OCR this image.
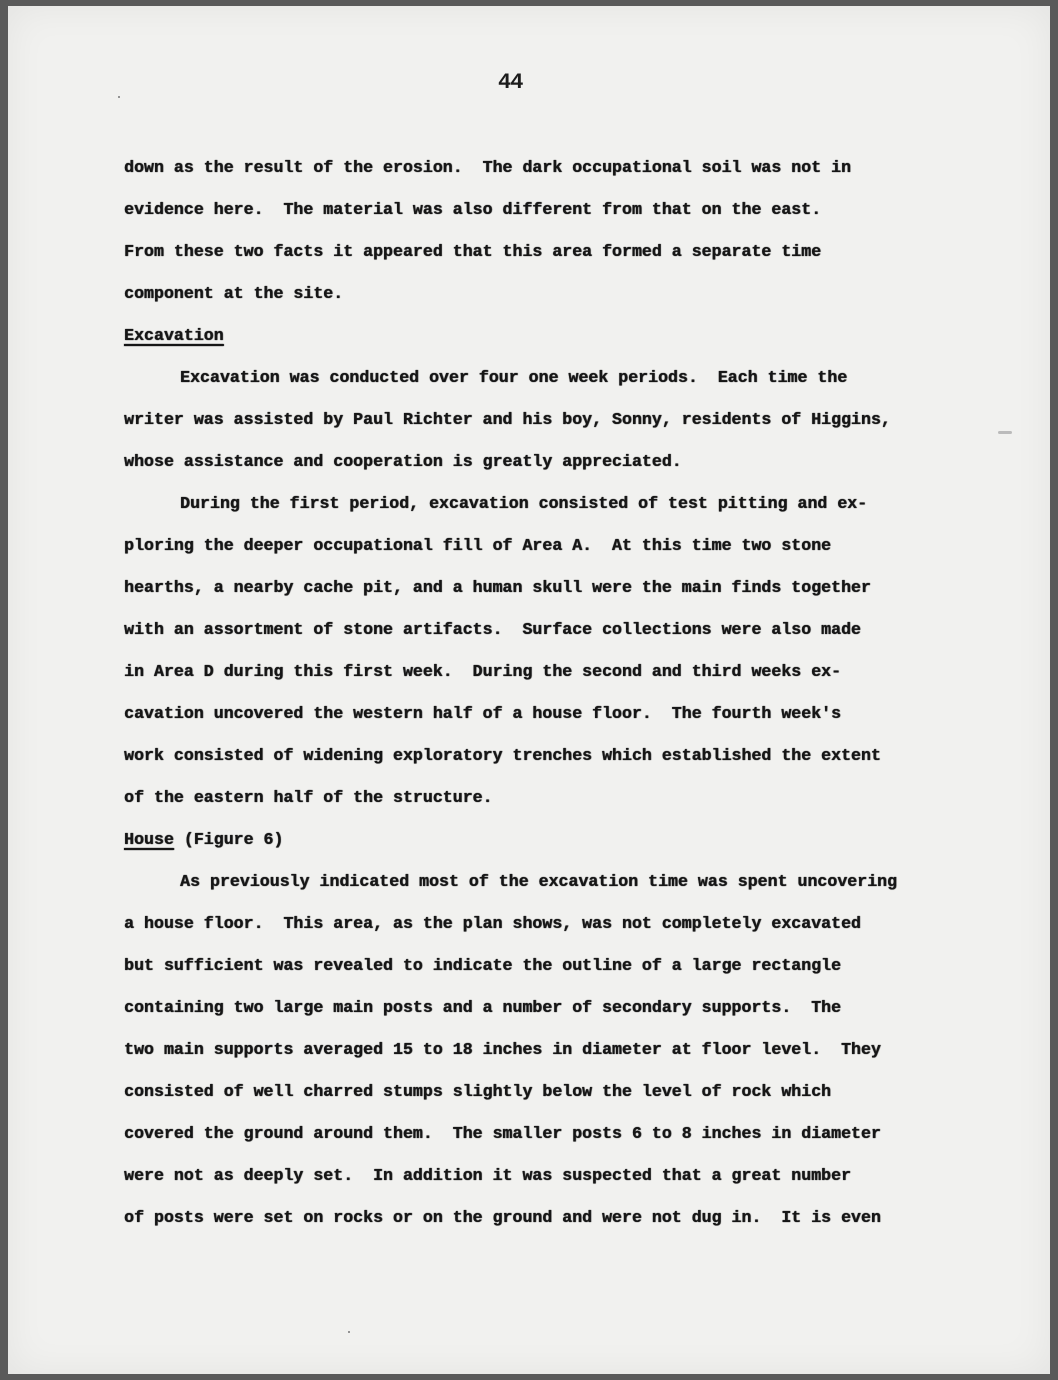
44
down as the result of the erosion.  The dark occupational soil was not in
evidence here.  The material was also different from that on the east.
From these two facts it appeared that this area formed a separate time
component at the site.
Excavation
Excavation was conducted over four one week periods.  Each time the
writer was assisted by Paul Richter and his boy, Sonny, residents of Higgins,
whose assistance and cooperation is greatly appreciated.
During the first period, excavation consisted of test pitting and ex-
ploring the deeper occupational fill of Area A.  At this time two stone
hearths, a nearby cache pit, and a human skull were the main finds together
with an assortment of stone artifacts.  Surface collections were also made
in Area D during this first week.  During the second and third weeks ex-
cavation uncovered the western half of a house floor.  The fourth week's
work consisted of widening exploratory trenches which established the extent
of the eastern half of the structure.
House (Figure 6)
As previously indicated most of the excavation time was spent uncovering
a house floor.  This area, as the plan shows, was not completely excavated
but sufficient was revealed to indicate the outline of a large rectangle
containing two large main posts and a number of secondary supports.  The
two main supports averaged 15 to 18 inches in diameter at floor level.  They
consisted of well charred stumps slightly below the level of rock which
covered the ground around them.  The smaller posts 6 to 8 inches in diameter
were not as deeply set.  In addition it was suspected that a great number
of posts were set on rocks or on the ground and were not dug in.  It is even
